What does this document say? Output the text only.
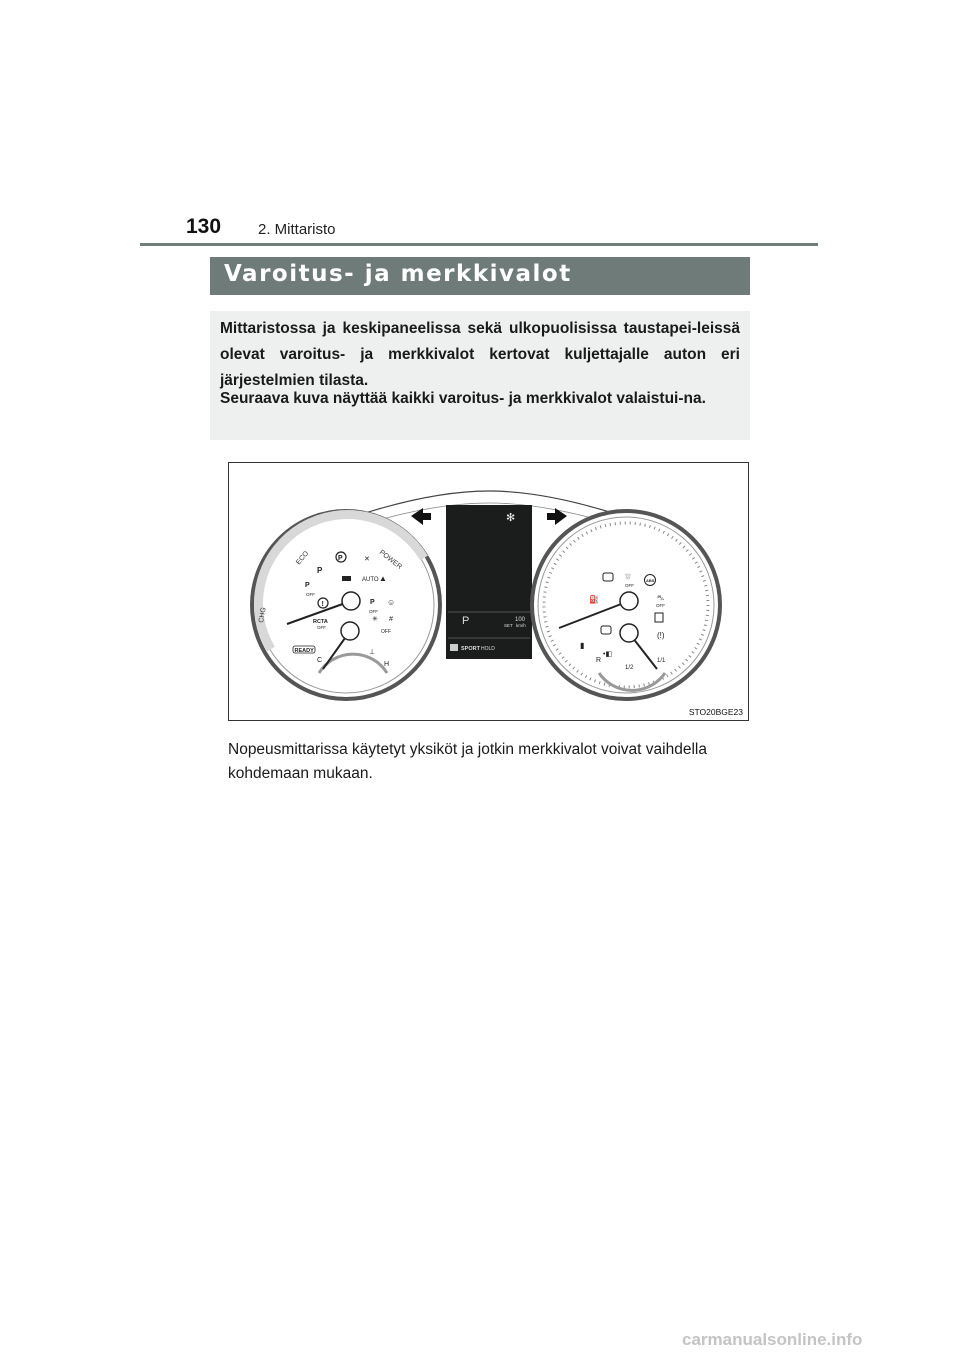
130 2. Mittaristo
Varoitus- ja merkkivalot

Mittaristossa ja keskipaneelissa sekä ulkopuolisissa taustapei-leissä olevat varoitus- ja merkkivalot kertovat kuljettajalle auton eri järjestelmien tilasta.

Seuraava kuva näyttää kaikki varoitus- ja merkkivalot valaistui-na.

ECO	POWER
CHG
P
P
✕
AUTO ▲
P
OFF
!	P
OFF
☺
✳ #
RCTA
OFF
OFF
READY	⊥
C
H
✻
P	100
SET km/h
SPORT HOLD
⛆
OFF
ABS
⛽	⛍
OFF
(!)
▮
•◧
R
1/2
1/1
STO20BGE23

Nopeusmittarissa käytetyt yksiköt ja jotkin merkkivalot voivat vaihdella kohdemaan mukaan.

carmanualsonline.info
